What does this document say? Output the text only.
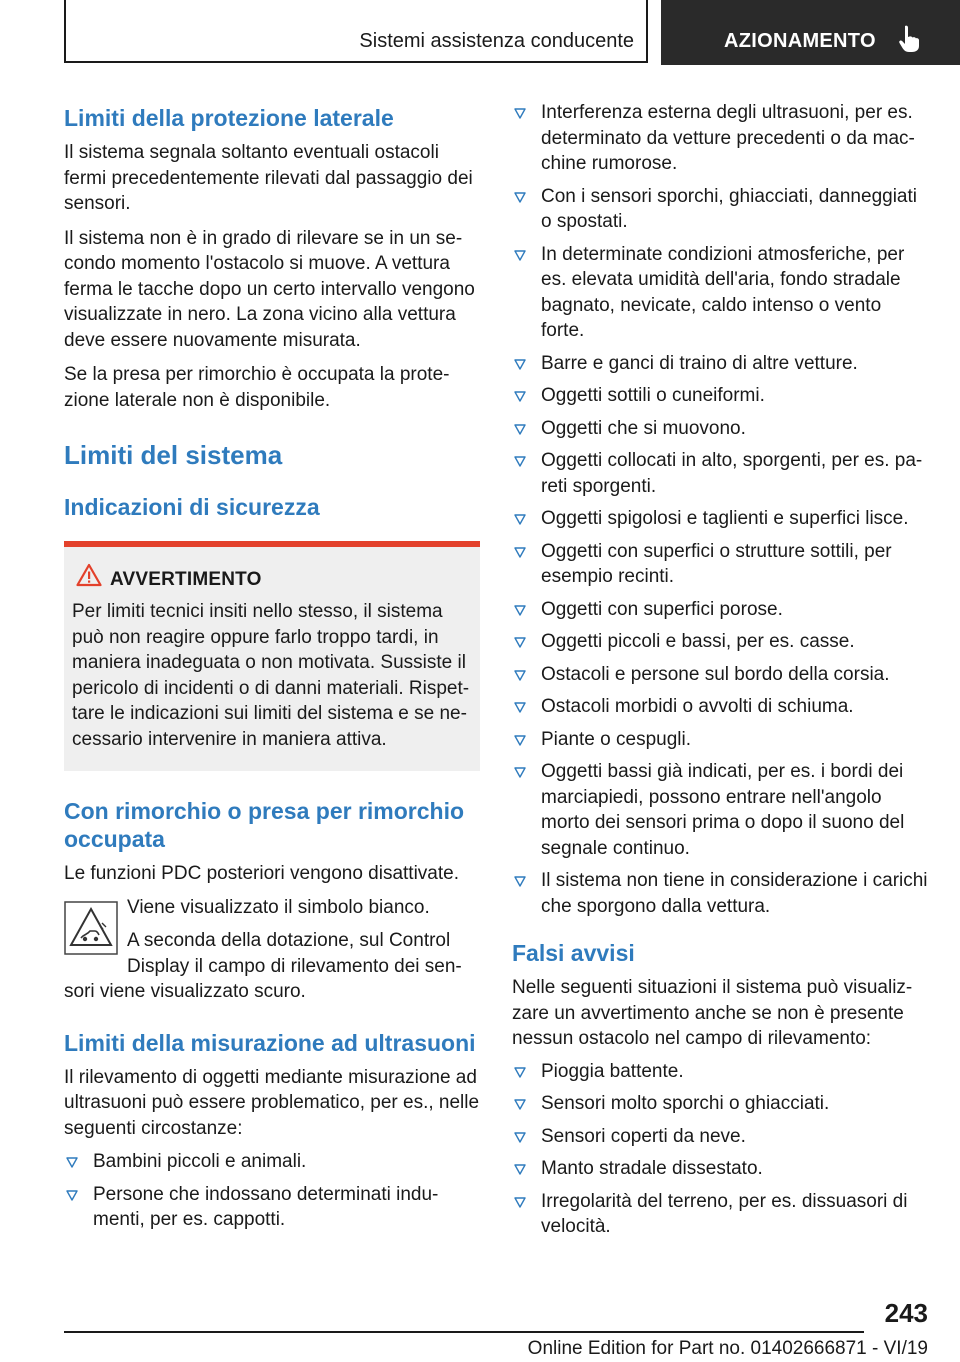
Sistemi assistenza conducente	AZIONAMENTO
Limiti della protezione laterale

Il sistema segnala soltanto eventuali ostacoli fermi precedentemente rilevati dal passaggio dei sensori.

Il sistema non è in grado di rilevare se in un se-condo momento l'ostacolo si muove. A vettura ferma le tacche dopo un certo intervallo vengono visualizzate in nero. La zona vicino alla vettura deve essere nuovamente misurata.

Se la presa per rimorchio è occupata la prote-zione laterale non è disponibile.

Limiti del sistema
Indicazioni di sicurezza
AVVERTIMENTO

Per limiti tecnici insiti nello stesso, il sistema può non reagire oppure farlo troppo tardi, in maniera inadeguata o non motivata. Sussiste il pericolo di incidenti o di danni materiali. Rispet-tare le indicazioni sui limiti del sistema e se ne-cessario intervenire in maniera attiva.

Con rimorchio o presa per rimorchio occupata

Le funzioni PDC posteriori vengono disattivate.

Viene visualizzato il simbolo bianco.

A seconda della dotazione, sul Control Display il campo di rilevamento dei sen-

sori viene visualizzato scuro.

Limiti della misurazione ad ultrasuoni

Il rilevamento di oggetti mediante misurazione ad ultrasuoni può essere problematico, per es., nelle seguenti circostanze:

Bambini piccoli e animali.
Persone che indossano determinati indu-menti, per es. cappotti.
Interferenza esterna degli ultrasuoni, per es. determinato da vetture precedenti o da mac-chine rumorose.
Con i sensori sporchi, ghiacciati, danneggiati o spostati.
In determinate condizioni atmosferiche, per es. elevata umidità dell'aria, fondo stradale bagnato, nevicate, caldo intenso o vento forte.
Barre e ganci di traino di altre vetture.
Oggetti sottili o cuneiformi.
Oggetti che si muovono.
Oggetti collocati in alto, sporgenti, per es. pa-reti sporgenti.
Oggetti spigolosi e taglienti e superfici lisce.
Oggetti con superfici o strutture sottili, per esempio recinti.
Oggetti con superfici porose.
Oggetti piccoli e bassi, per es. casse.
Ostacoli e persone sul bordo della corsia.
Ostacoli morbidi o avvolti di schiuma.
Piante o cespugli.
Oggetti bassi già indicati, per es. i bordi dei marciapiedi, possono entrare nell'angolo morto dei sensori prima o dopo il suono del segnale continuo.
Il sistema non tiene in considerazione i carichi che sporgono dalla vettura.
Falsi avvisi

Nelle seguenti situazioni il sistema può visualiz-zare un avvertimento anche se non è presente nessun ostacolo nel campo di rilevamento:

Pioggia battente.
Sensori molto sporchi o ghiacciati.
Sensori coperti da neve.
Manto stradale dissestato.
Irregolarità del terreno, per es. dissuasori di velocità.
243
Online Edition for Part no. 01402666871 - VI/19
